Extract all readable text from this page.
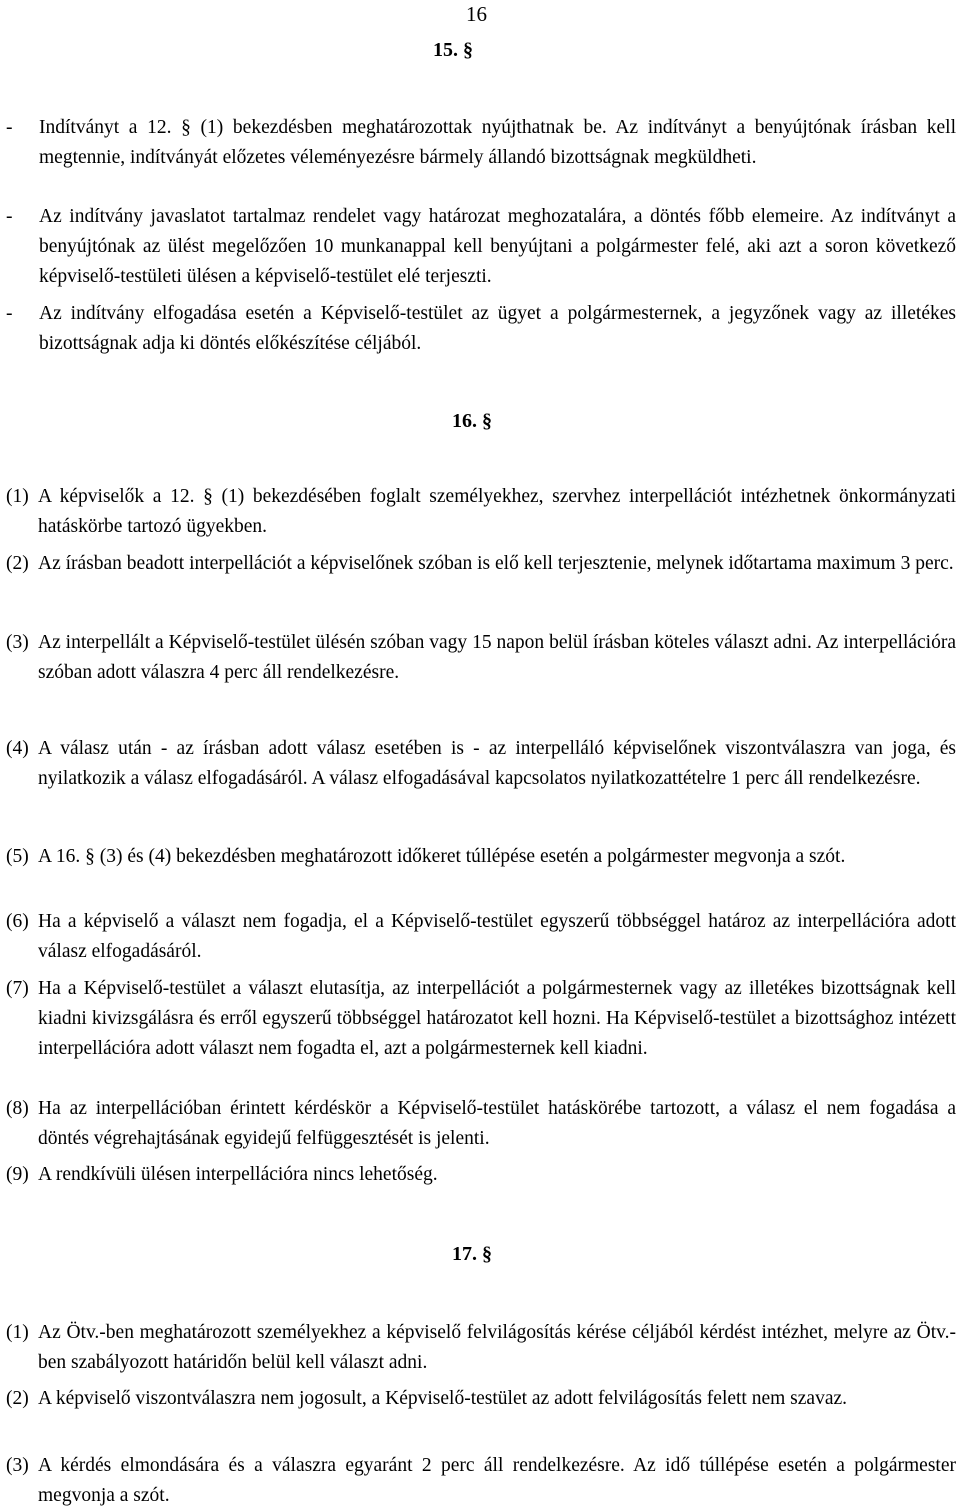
16
15. §
- Indítványt a 12. § (1) bekezdésben meghatározottak nyújthatnak be. Az indítványt a benyújtónak írásban kell megtennie, indítványát előzetes véleményezésre bármely állandó bizottságnak megküldheti.
- Az indítvány javaslatot tartalmaz rendelet vagy határozat meghozatalára, a döntés főbb elemeire. Az indítványt a benyújtónak az ülést megelőzően 10 munkanappal kell benyújtani a polgármester felé, aki azt a soron következő képviselő-testületi ülésen a képviselő-testület elé terjeszti.
- Az indítvány elfogadása esetén a Képviselő-testület az ügyet a polgármesternek, a jegyzőnek vagy az illetékes bizottságnak adja ki döntés előkészítése céljából.
16. §
(1) A képviselők a 12. § (1) bekezdésében foglalt személyekhez, szervhez interpellációt intézhetnek önkormányzati hatáskörbe tartozó ügyekben.
(2) Az írásban beadott interpellációt a képviselőnek szóban is elő kell terjesztenie, melynek időtartama maximum 3 perc.
(3) Az interpellált a Képviselő-testület ülésén szóban vagy 15 napon belül írásban köteles választ adni. Az interpellációra szóban adott válaszra 4 perc áll rendelkezésre.
(4) A válasz után - az írásban adott válasz esetében is - az interpelláló képviselőnek viszontválaszra van joga, és nyilatkozik a válasz elfogadásáról. A válasz elfogadásával kapcsolatos nyilatkozattételre 1 perc áll rendelkezésre.
(5) A 16. § (3) és (4) bekezdésben meghatározott időkeret túllépése esetén a polgármester megvonja a szót.
(6) Ha a képviselő a választ nem fogadja, el a Képviselő-testület egyszerű többséggel határoz az interpellációra adott válasz elfogadásáról.
(7) Ha a Képviselő-testület a választ elutasítja, az interpellációt a polgármesternek vagy az illetékes bizottságnak kell kiadni kivizsgálásra és erről egyszerű többséggel határozatot kell hozni. Ha Képviselő-testület a bizottsághoz intézett interpellációra adott választ nem fogadta el, azt a polgármesternek kell kiadni.
(8) Ha az interpellációban érintett kérdéskör a Képviselő-testület hatáskörébe tartozott, a válasz el nem fogadása a döntés végrehajtásának egyidejű felfüggesztését is jelenti.
(9) A rendkívüli ülésen interpellációra nincs lehetőség.
17. §
(1) Az Ötv.-ben meghatározott személyekhez a képviselő felvilágosítás kérése céljából kérdést intézhet, melyre az Ötv.-ben szabályozott határidőn belül kell választ adni.
(2) A képviselő viszontválaszra nem jogosult, a Képviselő-testület az adott felvilágosítás felett nem szavaz.
(3) A kérdés elmondására és a válaszra egyaránt 2 perc áll rendelkezésre. Az idő túllépése esetén a polgármester megvonja a szót.
